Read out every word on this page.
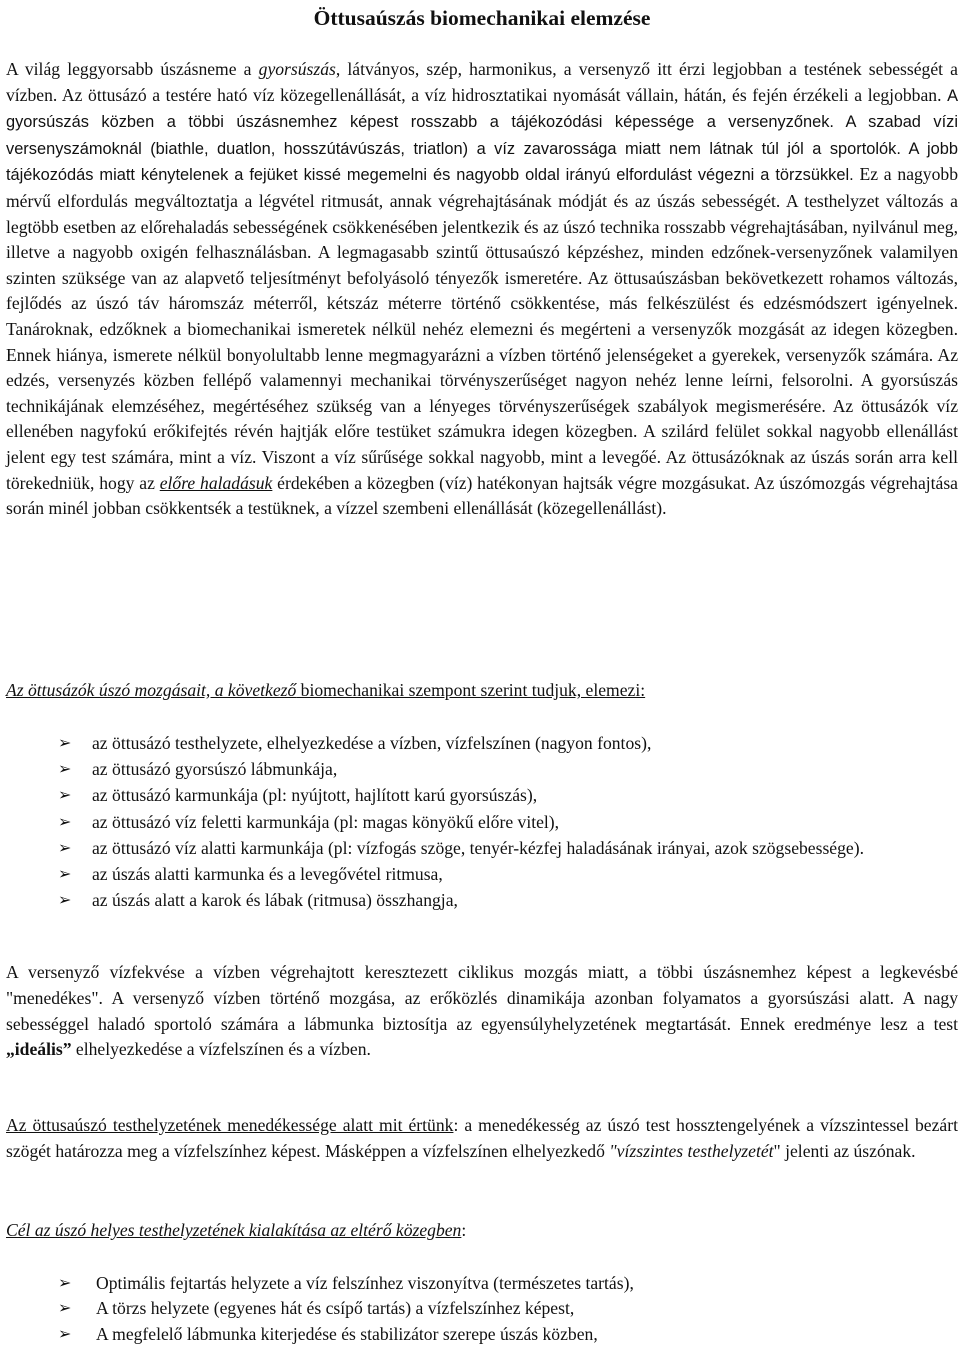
Öttusaúszás biomechanikai elemzése

A világ leggyorsabb úszásneme a gyorsúszás, látványos, szép, harmonikus, a versenyző itt érzi legjobban a testének sebességét a vízben. Az öttusázó a testére ható víz közegellenállását, a víz hidrosztatikai nyomását vállain, hátán, és fején érzékeli a legjobban. A gyorsúszás közben a többi úszásnemhez képest rosszabb a tájékozódási képessége a versenyzőnek. A szabad vízi versenyszámoknál (biathle, duatlon, hosszútávúszás, triatlon) a víz zavarossága miatt nem látnak túl jól a sportolók. A jobb tájékozódás miatt kénytelenek a fejüket kissé megemelni és nagyobb oldal irányú elfordulást végezni a törzsükkel. Ez a nagyobb mérvű elfordulás megváltoztatja a légvétel ritmusát, annak végrehajtásának módját és az úszás sebességét. A testhelyzet változás a legtöbb esetben az előrehaladás sebességének csökkenésében jelentkezik és az úszó technika rosszabb végrehajtásában, nyilvánul meg, illetve a nagyobb oxigén felhasználásban. A legmagasabb szintű öttusaúszó képzéshez, minden edzőnek-versenyzőnek valamilyen szinten szüksége van az alapvető teljesítményt befolyásoló tényezők ismeretére. Az öttusaúszásban bekövetkezett rohamos változás, fejlődés az úszó táv háromszáz méterről, kétszáz méterre történő csökkentése, más felkészülést és edzésmódszert igényelnek. Tanároknak, edzőknek a biomechanikai ismeretek nélkül nehéz elemezni és megérteni a versenyzők mozgását az idegen közegben. Ennek hiánya, ismerete nélkül bonyolultabb lenne megmagyarázni a vízben történő jelenségeket a gyerekek, versenyzők számára. Az edzés, versenyzés közben fellépő valamennyi mechanikai törvényszerűséget nagyon nehéz lenne leírni, felsorolni. A gyorsúszás technikájának elemzéséhez, megértéséhez szükség van a lényeges törvényszerűségek szabályok megismerésére. Az öttusázók víz ellenében nagyfokú erőkifejtés révén hajtják előre testüket számukra idegen közegben. A szilárd felület sokkal nagyobb ellenállást jelent egy test számára, mint a víz. Viszont a víz sűrűsége sokkal nagyobb, mint a levegőé. Az öttusázóknak az úszás során arra kell törekedniük, hogy az előre haladásuk érdekében a közegben (víz) hatékonyan hajtsák végre mozgásukat. Az úszómozgás végrehajtása során minél jobban csökkentsék a testüknek, a vízzel szembeni ellenállását (közegellenállást).

Az öttusázók úszó mozgásait, a következő biomechanikai szempont szerint tudjuk, elemezi:
➢ az öttusázó testhelyzete, elhelyezkedése a vízben, vízfelszínen (nagyon fontos),
➢ az öttusázó gyorsúszó lábmunkája,
➢ az öttusázó karmunkája (pl: nyújtott, hajlított karú gyorsúszás),
➢ az öttusázó víz feletti karmunkája (pl: magas könyökű előre vitel),
➢ az öttusázó víz alatti karmunkája (pl: vízfogás szöge, tenyér-kézfej haladásának irányai, azok szögsebessége).
➢ az úszás alatti karmunka és a levegővétel ritmusa,
➢ az úszás alatt a karok és lábak (ritmusa) összhangja,

A versenyző vízfekvése a vízben végrehajtott keresztezett ciklikus mozgás miatt, a többi úszásnemhez képest a legkevésbé "menedékes". A versenyző vízben történő mozgása, az erőközlés dinamikája azonban folyamatos a gyorsúszási alatt. A nagy sebességgel haladó sportoló számára a lábmunka biztosítja az egyensúlyhelyzetének megtartását. Ennek eredménye lesz a test „ideális” elhelyezkedése a vízfelszínen és a vízben.

Az öttusaúszó testhelyzetének menedékessége alatt mit értünk: a menedékesség az úszó test hossztengelyének a vízszintessel bezárt szögét határozza meg a vízfelszínhez képest. Másképpen a vízfelszínen elhelyezkedő "vízszintes testhelyzetét" jelenti az úszónak.

Cél az úszó helyes testhelyzetének kialakítása az eltérő közegben:
➢ Optimális fejtartás helyzete a víz felszínhez viszonyítva (természetes tartás),
➢ A törzs helyzete (egyenes hát és csípő tartás) a vízfelszínhez képest,
➢ A megfelelő lábmunka kiterjedése és stabilizátor szerepe úszás közben,
